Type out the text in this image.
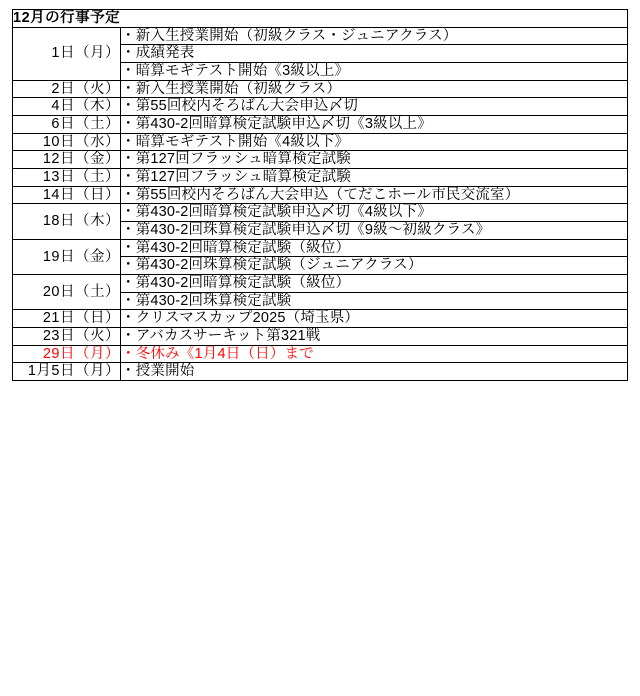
12月の行事予定	
1日（月）	・新入生授業開始（初級クラス・ジュニアクラス）
	・成績発表
	・暗算モギテスト開始《3級以上》
2日（火）	・新入生授業開始（初級クラス）
4日（木）	・第55回校内そろばん大会申込〆切
6日（土）	・第430-2回暗算検定試験申込〆切《3級以上》
10日（水）	・暗算モギテスト開始《4級以下》
12日（金）	・第127回フラッシュ暗算検定試験
13日（土）	・第127回フラッシュ暗算検定試験
14日（日）	・第55回校内そろばん大会申込（てだこホール市民交流室）
18日（木）	・第430-2回暗算検定試験申込〆切《4級以下》
	・第430-2回珠算検定試験申込〆切《9級～初級クラス》
19日（金）	・第430-2回暗算検定試験（級位）
	・第430-2回珠算検定試験（ジュニアクラス）
20日（土）	・第430-2回暗算検定試験（級位）
	・第430-2回珠算検定試験
21日（日）	・クリスマスカップ2025（埼玉県）
23日（火）	・アバカスサーキット第321戦
29日（月）	・冬休み《1月4日（日）まで
1月5日（月）	・授業開始
